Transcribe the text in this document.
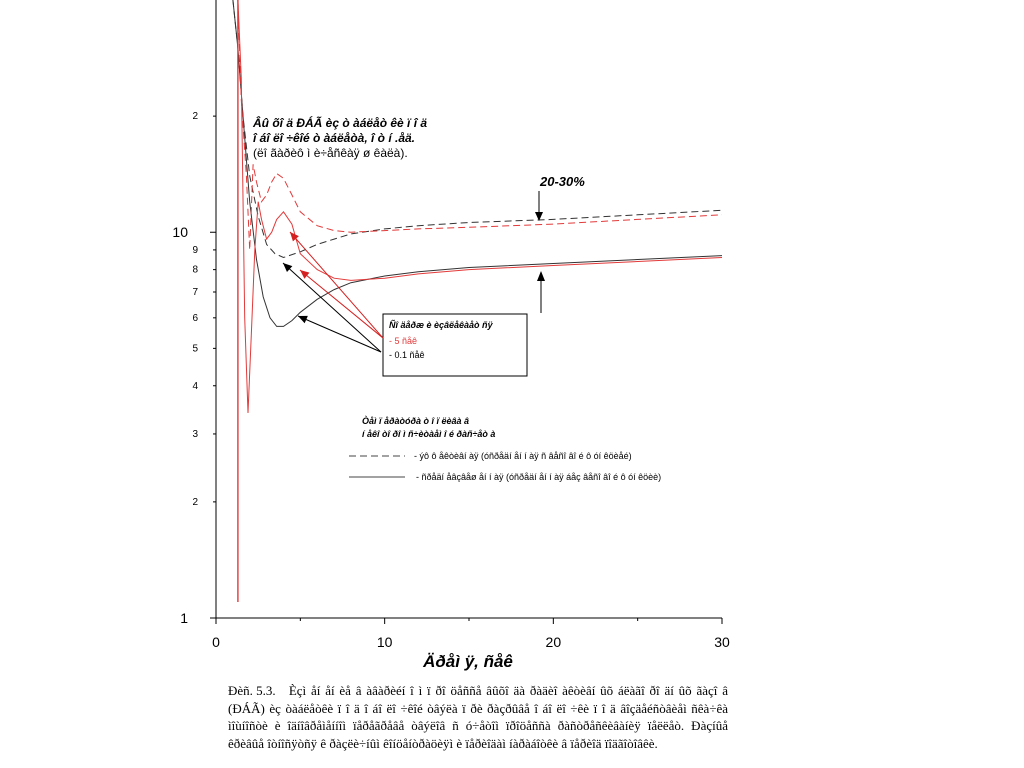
0	10	20	30
1
10
2
3
4
5
6
7
8
9
2
Äðåì ÿ, ñåê
Âû õî ä ÐÁÃ èç ò àáëåò êè ï î ä
î áî ëî ÷êîé ò àáëåòà, î ò í .åä.
(ëî ãàðèô ì è÷åñêàÿ ø êàëà).
20-30%
Ñî äåðæ è èçâëåêàåò ñÿ
- 5 ñåê
- 0.1 ñåê
Òåì ï åðàòóðà ò î ï ëèâà â
í åêî òî ðî ì ñ÷èòàåì î é ðàñ÷åò à
- ýô ô åêòèâí àÿ (óñðåäí åí í àÿ ñ âåñî âî é ô óí êöèåé)
- ñðåäí åâçâåø åí í àÿ (óñðåäí åí í àÿ áåç âåñî âî é ô óí êöèè)
Ðèñ. 5.3. Èçì åí åí èå â àâàðèéí î ì ï ðî öåññå âûõî äà ðàäèî àêòèâí ûõ áëàãî ðî äí ûõ ãàçî â (ÐÁÃ) èç òàáëåòêè ï î ä î áî ëî ÷êîé òâýëà ï ðè ðàçðûâå î áî ëî ÷êè ï î ä âîçäåéñòâèåì ñêà÷êà ìîùíîñòè è îäíîâðåìåííîì ïåðåãðåâå òâýëîâ ñ ó÷åòîì ïðîöåññà ðàñòðåñêèâàíèÿ ïåëëåò. Ðàçíûå êðèâûå îòíîñÿòñÿ ê ðàçëè÷íûì êîíöåíòðàöèÿì è ïåðèîäàì íàðàáîòêè â ïåðèîä ïîäãîòîâêè.
